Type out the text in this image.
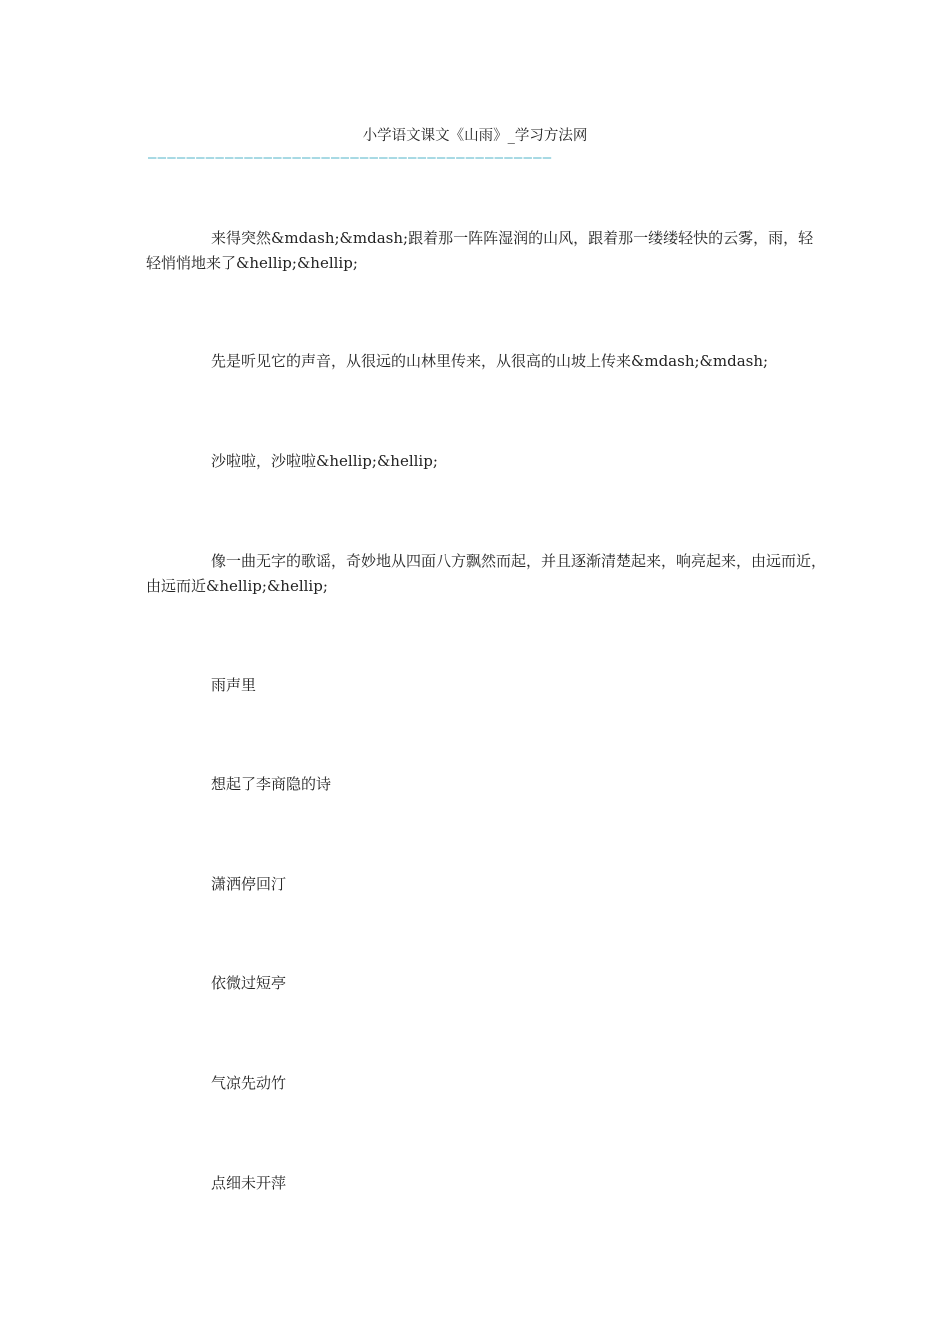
小学语文课文《山雨》_学习方法网
——————————————————————————————————————————

来得突然&mdash;&mdash;跟着那一阵阵湿润的山风，跟着那一缕缕轻快的云雾，雨，轻轻悄悄地来了&hellip;&hellip;

先是听见它的声音，从很远的山林里传来，从很高的山坡上传来&mdash;&mdash;

沙啦啦，沙啦啦&hellip;&hellip;

像一曲无字的歌谣，奇妙地从四面八方飘然而起，并且逐渐清楚起来，响亮起来，由远而近，由远而近&hellip;&hellip;

雨声里

想起了李商隐的诗

潇洒停回汀

依微过短亭

气凉先动竹

点细未开萍
